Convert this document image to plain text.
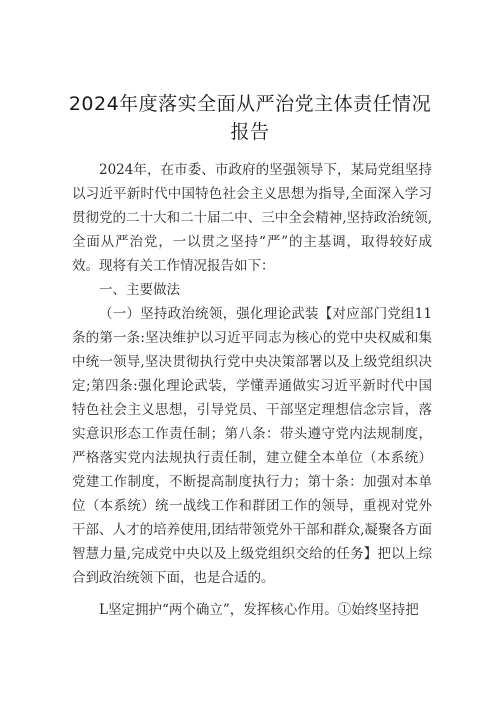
2024年度落实全面从严治党主体责任情况报告

2024年，在市委、市政府的坚强领导下，某局党组坚持以习近平新时代中国特色社会主义思想为指导,全面深入学习贯彻党的二十大和二十届二中、三中全会精神,坚持政治统领,全面从严治党，一以贯之坚持“严”的主基调，取得较好成效。现将有关工作情况报告如下：

一、主要做法

（一）坚持政治统领，强化理论武装【对应部门党组11条的第一条:坚决维护以习近平同志为核心的党中央权威和集中统一领导,坚决贯彻执行党中央决策部署以及上级党组织决定;第四条:强化理论武装，学懂弄通做实习近平新时代中国特色社会主义思想，引导党员、干部坚定理想信念宗旨，落实意识形态工作责任制；第八条：带头遵守党内法规制度，严格落实党内法规执行责任制，建立健全本单位（本系统）党建工作制度，不断提高制度执行力；第十条：加强对本单位（本系统）统一战线工作和群团工作的领导，重视对党外干部、人才的培养使用,团结带领党外干部和群众,凝聚各方面智慧力量,完成党中央以及上级党组织交给的任务】把以上综合到政治统领下面，也是合适的。

L坚定拥护“两个确立”，发挥核心作用。①始终坚持把
